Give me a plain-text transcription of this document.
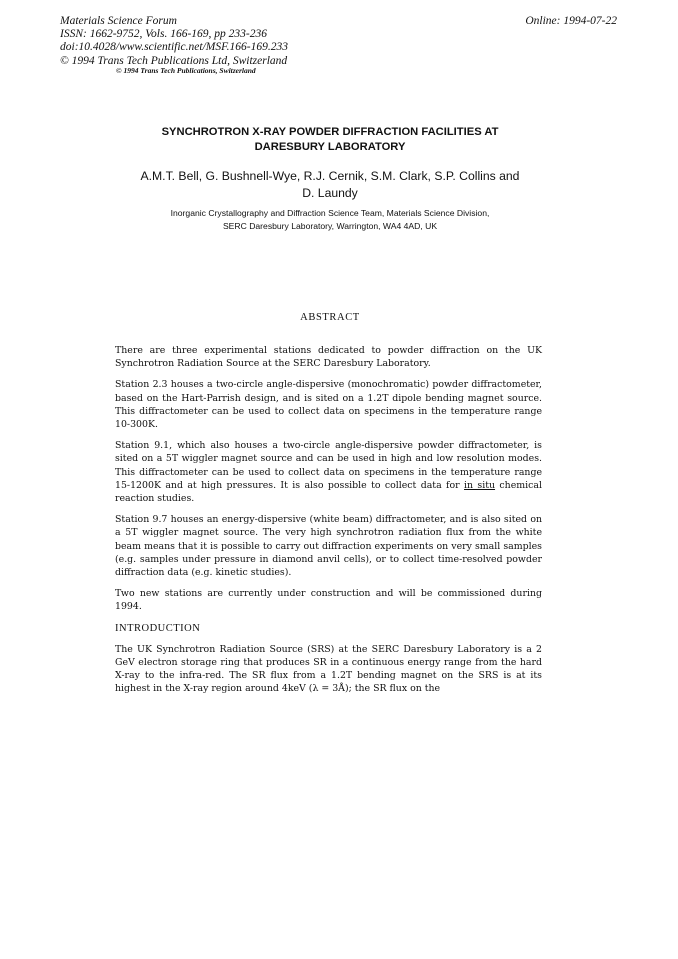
Materials Science Forum
ISSN: 1662-9752, Vols. 166-169, pp 233-236
doi:10.4028/www.scientific.net/MSF.166-169.233
© 1994 Trans Tech Publications Ltd, Switzerland
Online: 1994-07-22
© 1994 Trans Tech Publications, Switzerland
SYNCHROTRON X-RAY POWDER DIFFRACTION FACILITIES AT
DARESBURY LABORATORY
A.M.T. Bell, G. Bushnell-Wye, R.J. Cernik, S.M. Clark, S.P. Collins and
D. Laundy
Inorganic Crystallography and Diffraction Science Team, Materials Science Division,
SERC Daresbury Laboratory, Warrington, WA4 4AD, UK
ABSTRACT

There are three experimental stations dedicated to powder diffraction on the UK Synchrotron Radiation Source at the SERC Daresbury Laboratory.

Station 2.3 houses a two-circle angle-dispersive (monochromatic) powder diffractometer, based on the Hart-Parrish design, and is sited on a 1.2T dipole bending magnet source. This diffractometer can be used to collect data on specimens in the temperature range 10-300K.

Station 9.1, which also houses a two-circle angle-dispersive powder diffractometer, is sited on a 5T wiggler magnet source and can be used in high and low resolution modes. This diffractometer can be used to collect data on specimens in the temperature range 15-1200K and at high pressures. It is also possible to collect data for in situ chemical reaction studies.

Station 9.7 houses an energy-dispersive (white beam) diffractometer, and is also sited on a 5T wiggler magnet source. The very high synchrotron radiation flux from the white beam means that it is possible to carry out diffraction experiments on very small samples (e.g. samples under pressure in diamond anvil cells), or to collect time-resolved powder diffraction data (e.g. kinetic studies).

Two new stations are currently under construction and will be commissioned during 1994.

INTRODUCTION

The UK Synchrotron Radiation Source (SRS) at the SERC Daresbury Laboratory is a 2 GeV electron storage ring that produces SR in a continuous energy range from the hard X-ray to the infra-red. The SR flux from a 1.2T bending magnet on the SRS is at its highest in the X-ray region around 4keV (λ = 3Å); the SR flux on the
